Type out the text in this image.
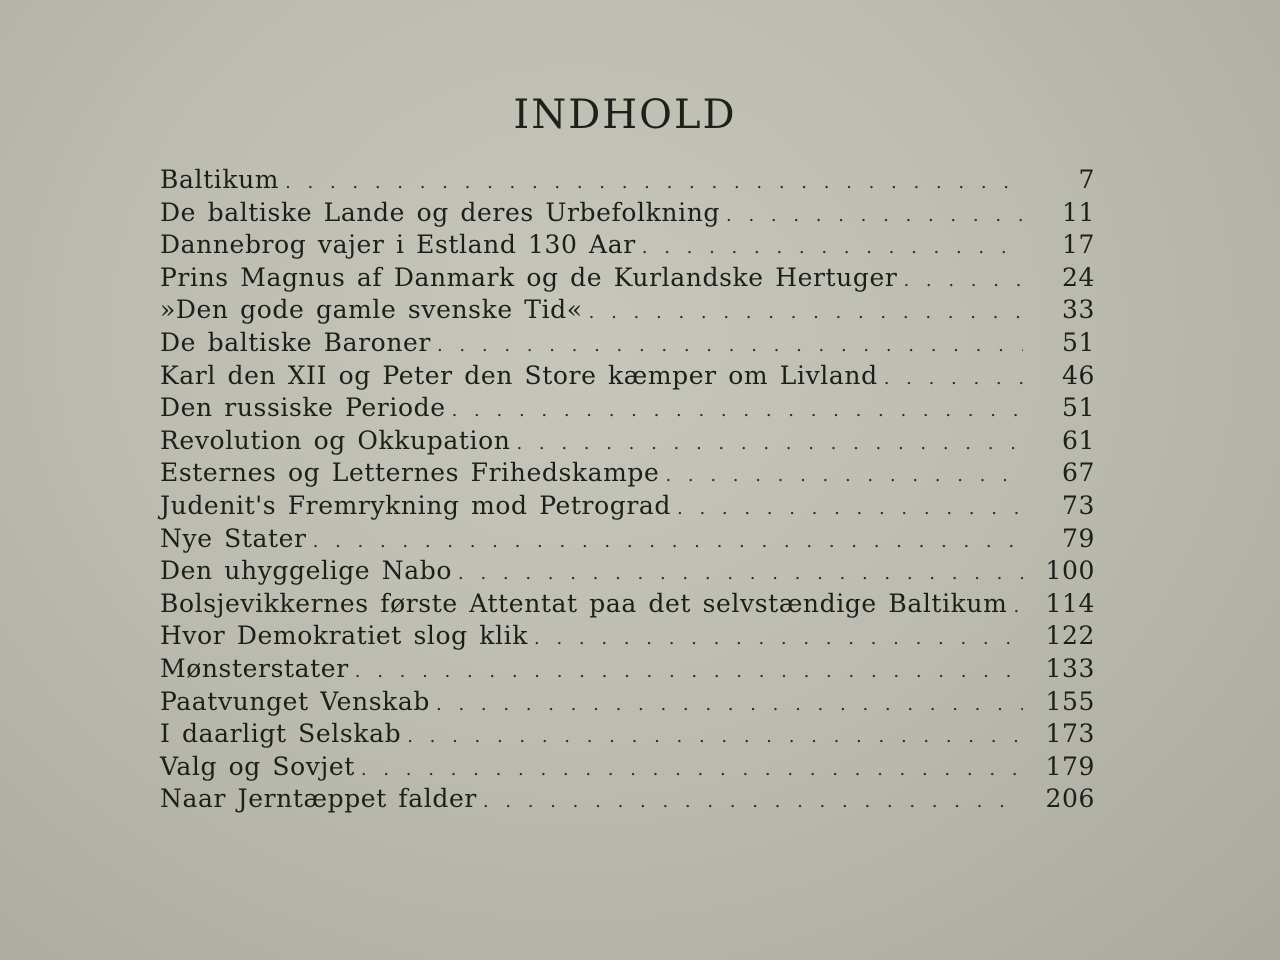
INDHOLD
Baltikum . . .	7
De baltiske Lande og deres Urbefolkning . . .	11
Dannebrog vajer i Estland 130 Aar . . .	17
Prins Magnus af Danmark og de Kurlandske Hertuger . . .	24
»Den gode gamle svenske Tid« . . .	33
De baltiske Baroner . . .	51
Karl den XII og Peter den Store kæmper om Livland . . .	46
Den russiske Periode . . .	51
Revolution og Okkupation . . .	61
Esternes og Letternes Frihedskampe . . .	67
Judenit's Fremrykning mod Petrograd . . .	73
Nye Stater . . .	79
Den uhyggelige Nabo . . .	100
Bolsjevikkernes første Attentat paa det selvstændige Baltikum . . .	114
Hvor Demokratiet slog klik . . .	122
Mønsterstater . . .	133
Paatvunget Venskab . . .	155
I daarligt Selskab . . .	173
Valg og Sovjet . . .	179
Naar Jerntæppet falder . . .	206
